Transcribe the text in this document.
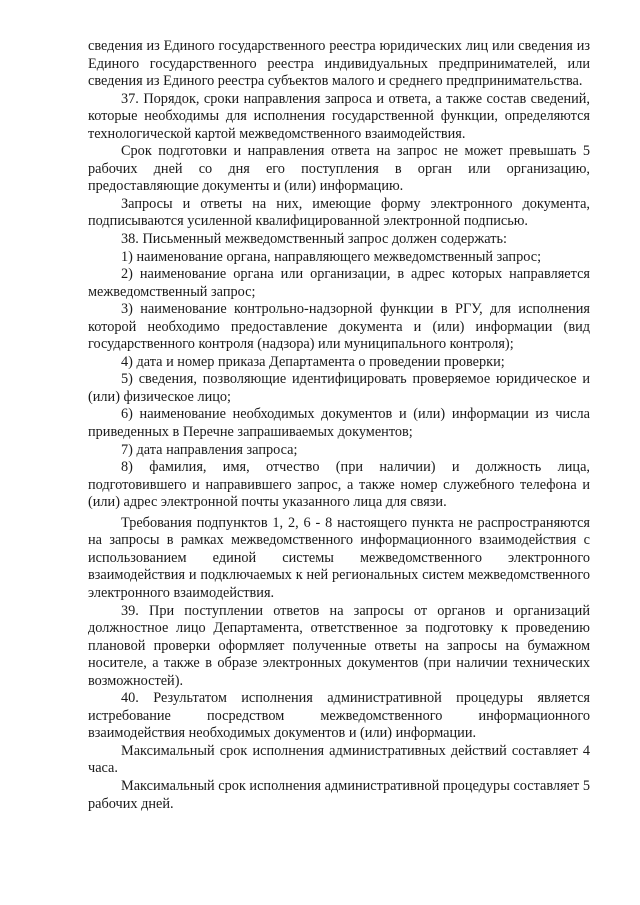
сведения из Единого государственного реестра юридических лиц или сведения из Единого государственного реестра индивидуальных предпринимателей, или сведения из Единого реестра субъектов малого и среднего предпринимательства.

37. Порядок, сроки направления запроса и ответа, а также состав сведений, которые необходимы для исполнения государственной функции, определяются технологической картой межведомственного взаимодействия.

Срок подготовки и направления ответа на запрос не может превышать 5 рабочих дней со дня его поступления в орган или организацию, предоставляющие документы и (или) информацию.

Запросы и ответы на них, имеющие форму электронного документа, подписываются усиленной квалифицированной электронной подписью.

38. Письменный межведомственный запрос должен содержать:

1) наименование органа, направляющего межведомственный запрос;

2) наименование органа или организации, в адрес которых направляется межведомственный запрос;

3) наименование контрольно-надзорной функции в РГУ, для исполнения которой необходимо предоставление документа и (или) информации (вид государственного контроля (надзора) или муниципального контроля);

4) дата и номер приказа Департамента о проведении проверки;

5) сведения, позволяющие идентифицировать проверяемое юридическое и (или) физическое лицо;

6) наименование необходимых документов и (или) информации из числа приведенных в Перечне запрашиваемых документов;

7) дата направления запроса;

8) фамилия, имя, отчество (при наличии) и должность лица, подготовившего и направившего запрос, а также номер служебного телефона и (или) адрес электронной почты указанного лица для связи.

Требования подпунктов 1, 2, 6 - 8 настоящего пункта не распространяются на запросы в рамках межведомственного информационного взаимодействия с использованием единой системы межведомственного электронного взаимодействия и подключаемых к ней региональных систем межведомственного электронного взаимодействия.

39. При поступлении ответов на запросы от органов и организаций должностное лицо Департамента, ответственное за подготовку к проведению плановой проверки оформляет полученные ответы на запросы на бумажном носителе, а также в образе электронных документов (при наличии технических возможностей).

40. Результатом исполнения административной процедуры является истребование посредством межведомственного информационного взаимодействия необходимых документов и (или) информации.

Максимальный срок исполнения административных действий составляет 4 часа.

Максимальный срок исполнения административной процедуры составляет 5 рабочих дней.
